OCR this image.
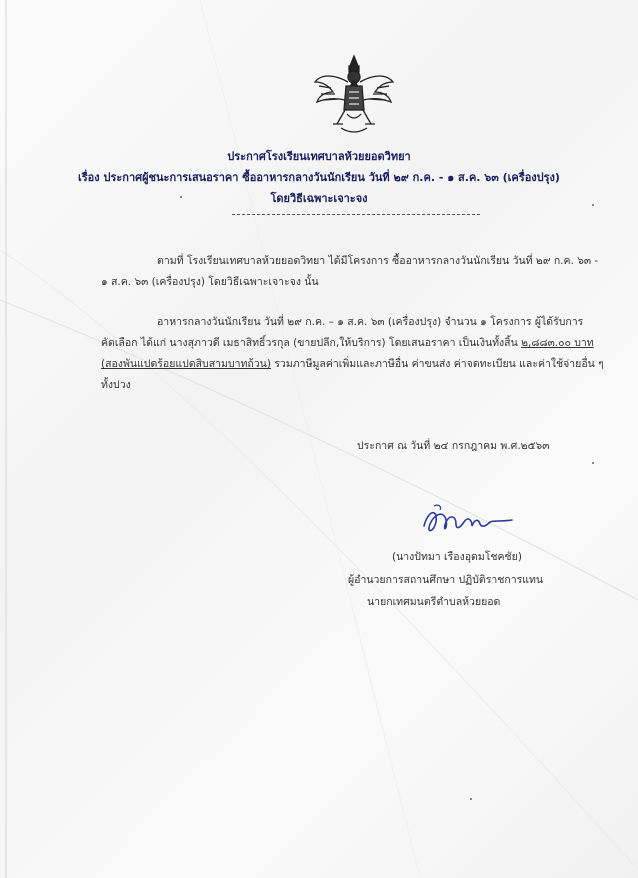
ประกาศโรงเรียนเทศบาลห้วยยอดวิทยา
เรื่อง ประกาศผู้ชนะการเสนอราคา ซื้ออาหารกลางวันนักเรียน วันที่ ๒๙ ก.ค. - ๑ ส.ค. ๖๓ (เครื่องปรุง)
โดยวิธีเฉพาะเจาะจง
ตามที่ โรงเรียนเทศบาลห้วยยอดวิทยา ได้มีโครงการ ซื้ออาหารกลางวันนักเรียน วันที่ ๒๙ ก.ค. ๖๓ -
๑ ส.ค. ๖๓ (เครื่องปรุง) โดยวิธีเฉพาะเจาะจง นั้น
อาหารกลางวันนักเรียน วันที่ ๒๙ ก.ค. – ๑ ส.ค. ๖๓ (เครื่องปรุง) จำนวน ๑ โครงการ ผู้ได้รับการ
คัดเลือก ได้แก่ นางสุภาวดี เมธาสิทธิ์วรกุล (ขายปลีก,ให้บริการ) โดยเสนอราคา เป็นเงินทั้งสิ้น ๒,๘๘๓.๐๐ บาท
(สองพันแปดร้อยแปดสิบสามบาทถ้วน) รวมภาษีมูลค่าเพิ่มและภาษีอื่น ค่าขนส่ง ค่าจดทะเบียน และค่าใช้จ่ายอื่น ๆ
ทั้งปวง
ประกาศ ณ วันที่ ๒๔ กรกฎาคม พ.ศ.๒๕๖๓
(นางปัทมา เรืองอุดมโชคชัย)
ผู้อำนวยการสถานศึกษา ปฏิบัติราชการแทน
นายกเทศมนตรีตำบลห้วยยอด
